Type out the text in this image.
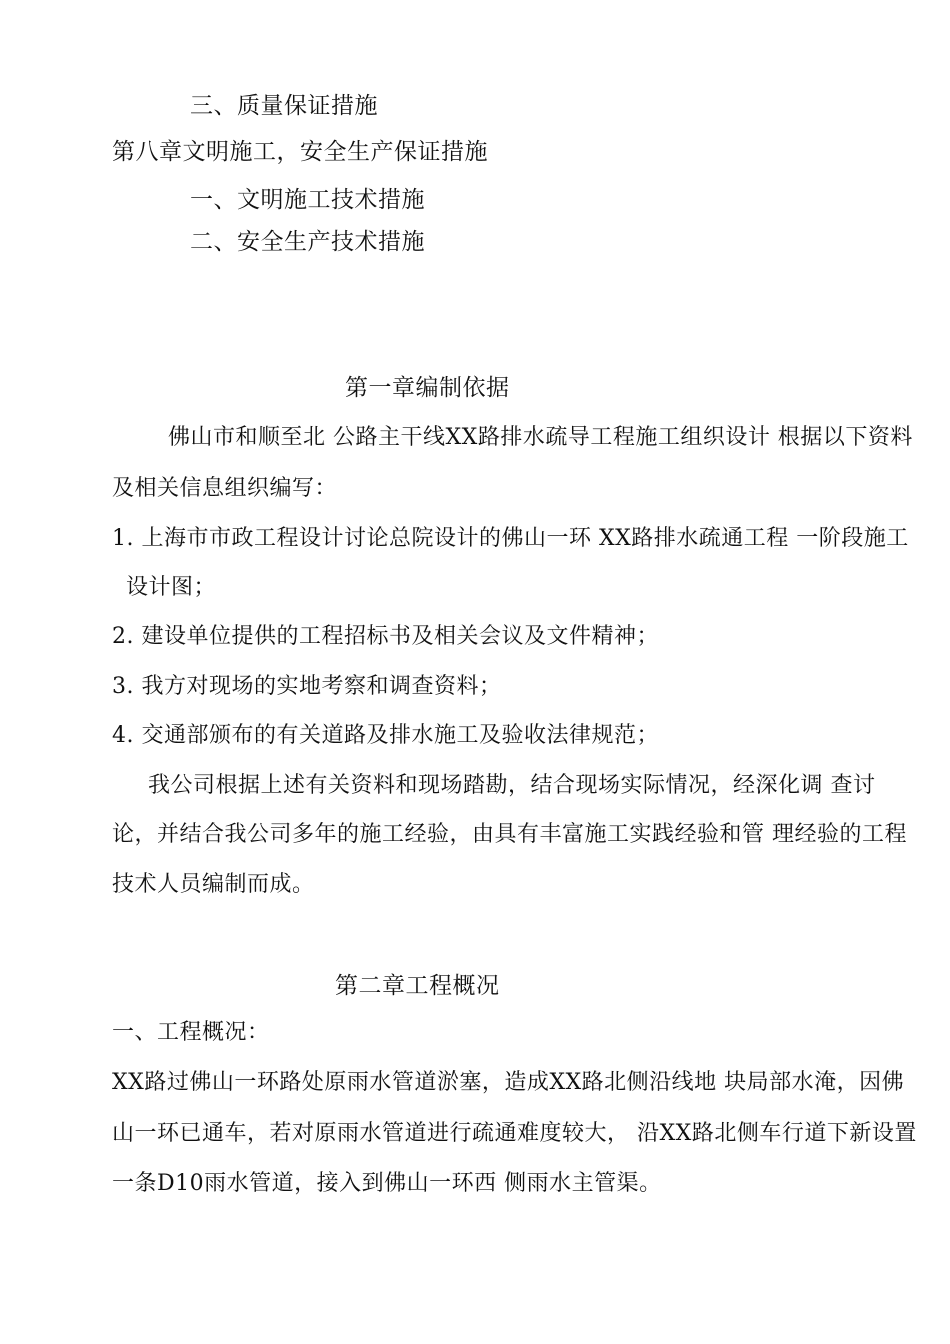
三、质量保证措施
第八章文明施工，安全生产保证措施
一、文明施工技术措施
二、安全生产技术措施
第一章编制依据
佛山市和顺至北 公路主干线XX路排水疏导工程施工组织设计 根据以下资料
及相关信息组织编写：
1. 上海市市政工程设计讨论总院设计的佛山一环 XX路排水疏通工程 一阶段施工
设计图；
2. 建设单位提供的工程招标书及相关会议及文件精神；
3. 我方对现场的实地考察和调查资料；
4. 交通部颁布的有关道路及排水施工及验收法律规范；
我公司根据上述有关资料和现场踏勘，结合现场实际情况，经深化调 查讨
论，并结合我公司多年的施工经验，由具有丰富施工实践经验和管 理经验的工程
技术人员编制而成。
第二章工程概况
一、工程概况：
XX路过佛山一环路处原雨水管道淤塞，造成XX路北侧沿线地 块局部水淹，因佛
山一环已通车，若对原雨水管道进行疏通难度较大， 沿XX路北侧车行道下新设置
一条D10雨水管道，接入到佛山一环西 侧雨水主管渠。
